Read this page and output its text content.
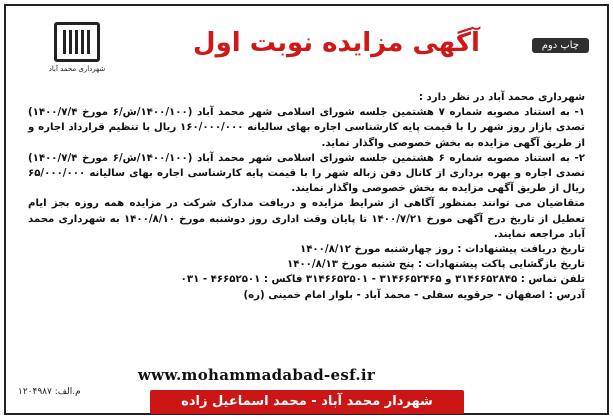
شهرداری محمد آباد
چاپ دوم
آگهی مزایده نوبت اول

شهرداری محمد آباد در نظر دارد :

۱- به استناد مصوبه شماره ۷ هشتمین جلسه شورای اسلامی شهر محمد آباد (۱۴۰۰/۱۰۰/ش/۶ مورخ ۱۴۰۰/۷/۴) تصدی بازار روز شهر را با قیمت پایه کارشناسی اجاره بهای سالیانه ۱۶۰/۰۰۰/۰۰۰ ریال با تنظیم قرارداد اجاره و از طریق آگهی مزایده به بخش خصوصی واگذار نماید.

۲- به استناد مصوبه شماره ۶ هشتمین جلسه شورای اسلامی شهر محمد آباد (۱۴۰۰/۱۰۰/ش/۶ مورخ ۱۴۰۰/۷/۴) تصدی اجاره و بهره برداری از کانال دفن زباله شهر را با قیمت پایه کارشناسی اجاره بهای سالیانه ۶۵/۰۰۰/۰۰۰ ریال از طریق آگهی مزایده به بخش خصوصی واگذار نمایند.

متقاضیان می توانند بمنظور آگاهی از شرایط مزایده و دریافت مدارک شرکت در مزایده همه روزه بجز ایام تعطیل از تاریخ درج آگهی مورخ ۱۴۰۰/۷/۲۱ تا پایان وقت اداری روز دوشنبه مورخ ۱۴۰۰/۸/۱۰ به شهرداری محمد آباد مراجعه نمایند.

تاریخ دریافت پیشنهادات : روز چهارشنبه مورخ ۱۴۰۰/۸/۱۲

تاریخ بازگشایی پاکت پیشنهادات : پنج شنبه مورخ ۱۴۰۰/۸/۱۳

تلفن تماس : ۳۱۴۶۶۵۲۸۴۵ و ۳۱۴۶۶۵۲۴۶۵ - ۳۱۴۶۶۵۲۵۰۱ فاکس : ۴۶۶۵۲۵۰۱ - ۰۳۱

آدرس : اصفهان - جرقویه سفلی - محمد آباد - بلوار امام خمینی (ره)

www.mohammadabad-esf.ir
م.الف: ۱۲۰۴۹۸۷
شهردار محمد آباد - محمد اسماعیل زاده
